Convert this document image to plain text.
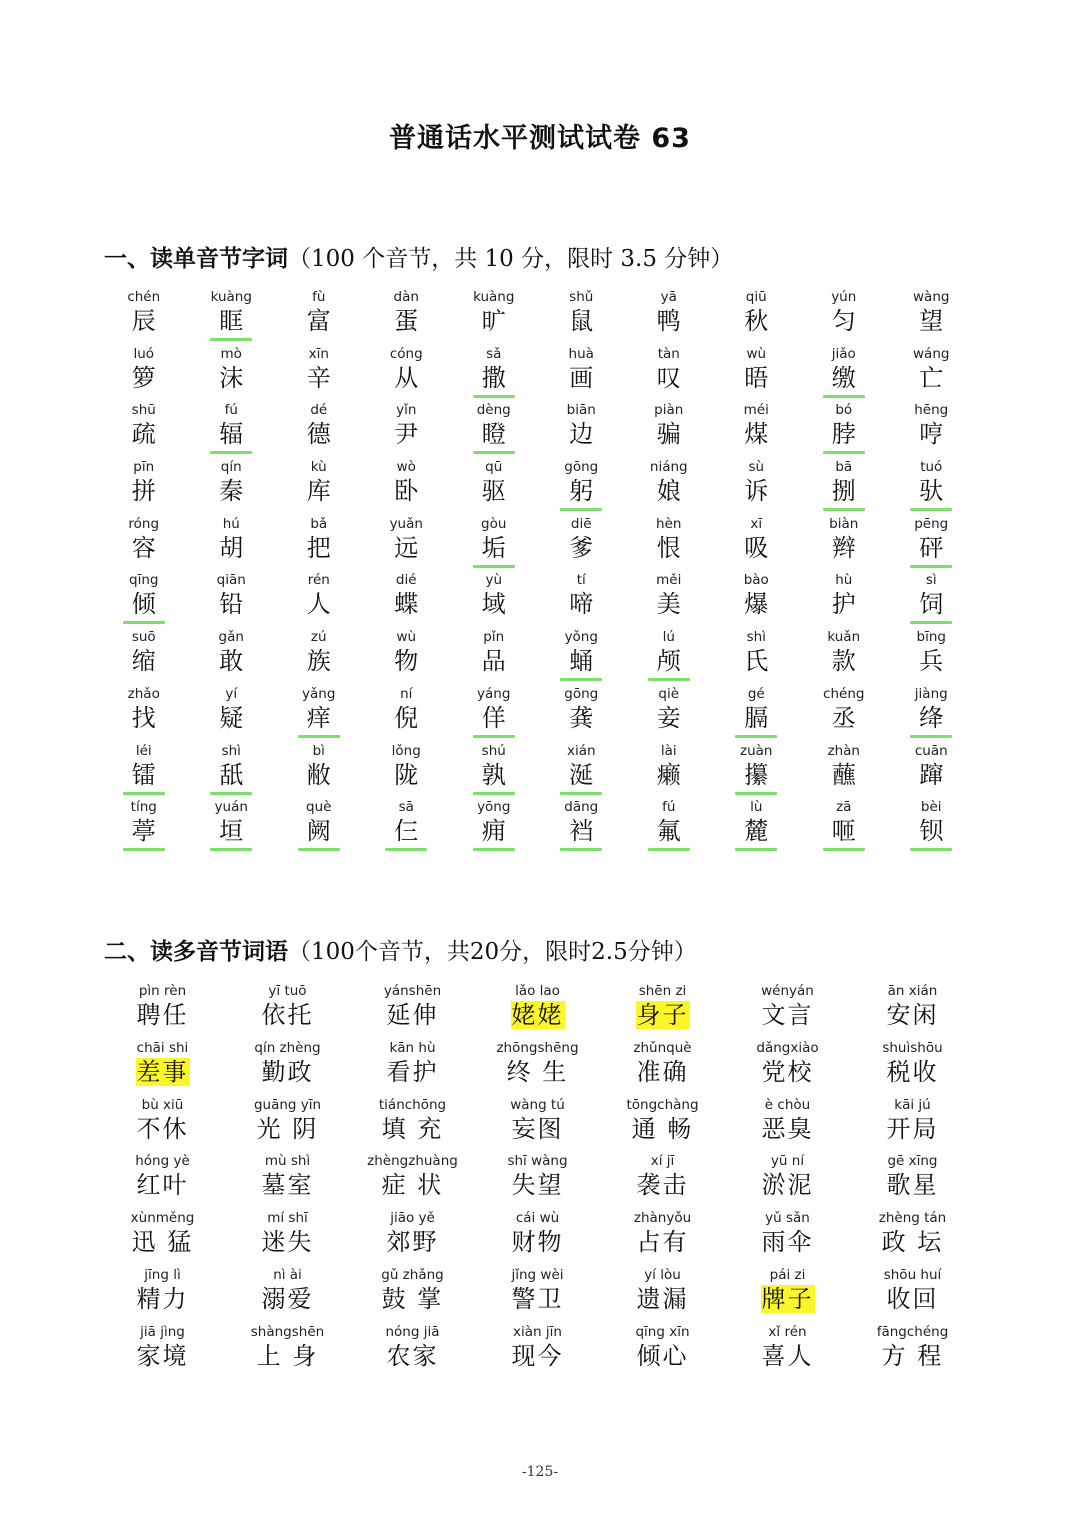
普通话水平测试试卷 63
一、读单音节字词（100 个音节，共 10 分，限时 3.5 分钟）
chén
辰
kuàng
眶
fù
富
dàn
蛋
kuàng
旷
shǔ
鼠
yā
鸭
qiū
秋
yún
匀
wàng
望
luó
箩
mò
沫
xīn
辛
cóng
从
sǎ
撒
huà
画
tàn
叹
wù
晤
jiǎo
缴
wáng
亡
shū
疏
fú
辐
dé
德
yǐn
尹
dèng
瞪
biān
边
piàn
骗
méi
煤
bó
脖
hēng
哼
pīn
拼
qín
秦
kù
库
wò
卧
qū
驱
gōng
躬
niáng
娘
sù
诉
bā
捌
tuó
驮
róng
容
hú
胡
bǎ
把
yuǎn
远
gòu
垢
diē
爹
hèn
恨
xī
吸
biàn
辫
pēng
砰
qīng
倾
qiān
铅
rén
人
dié
蝶
yù
域
tí
啼
měi
美
bào
爆
hù
护
sì
饲
suō
缩
gǎn
敢
zú
族
wù
物
pǐn
品
yǒng
蛹
lú
颅
shì
氏
kuǎn
款
bīng
兵
zhǎo
找
yí
疑
yǎng
痒
ní
倪
yáng
佯
gōng
龚
qiè
妾
gé
膈
chéng
丞
jiàng
绛
léi
镭
shì
舐
bì
敝
lǒng
陇
shú
孰
xián
涎
lài
癞
zuàn
攥
zhàn
蘸
cuān
蹿
tíng
葶
yuán
垣
què
阙
sā
仨
yōng
痈
dāng
裆
fú
氟
lù
麓
zā
咂
bèi
钡
二、读多音节词语（100个音节，共20分，限时2.5分钟）
pìn rèn
聘任
yī tuō
依托
yánshēn
延伸
lǎo lao
姥姥
shēn zi
身子
wényán
文言
ān xián
安闲
chāi shi
差事
qín zhèng
勤政
kān hù
看护
zhōngshēng
终 生
zhǔnquè
准确
dǎngxiào
党校
shuìshōu
税收
bù xiū
不休
guāng yīn
光 阴
tiánchōng
填 充
wàng tú
妄图
tōngchàng
通 畅
è chòu
恶臭
kāi jú
开局
hóng yè
红叶
mù shì
墓室
zhèngzhuàng
症 状
shī wàng
失望
xí jī
袭击
yū ní
淤泥
gē xīng
歌星
xùnměng
迅 猛
mí shī
迷失
jiāo yě
郊野
cái wù
财物
zhànyǒu
占有
yǔ sǎn
雨伞
zhèng tán
政 坛
jīng lì
精力
nì ài
溺爱
gǔ zhǎng
鼓 掌
jǐng wèi
警卫
yí lòu
遗漏
pái zi
牌子
shōu huí
收回
jiā jìng
家境
shàngshēn
上 身
nóng jiā
农家
xiàn jīn
现今
qīng xīn
倾心
xǐ rén
喜人
fāngchéng
方 程
-125-
